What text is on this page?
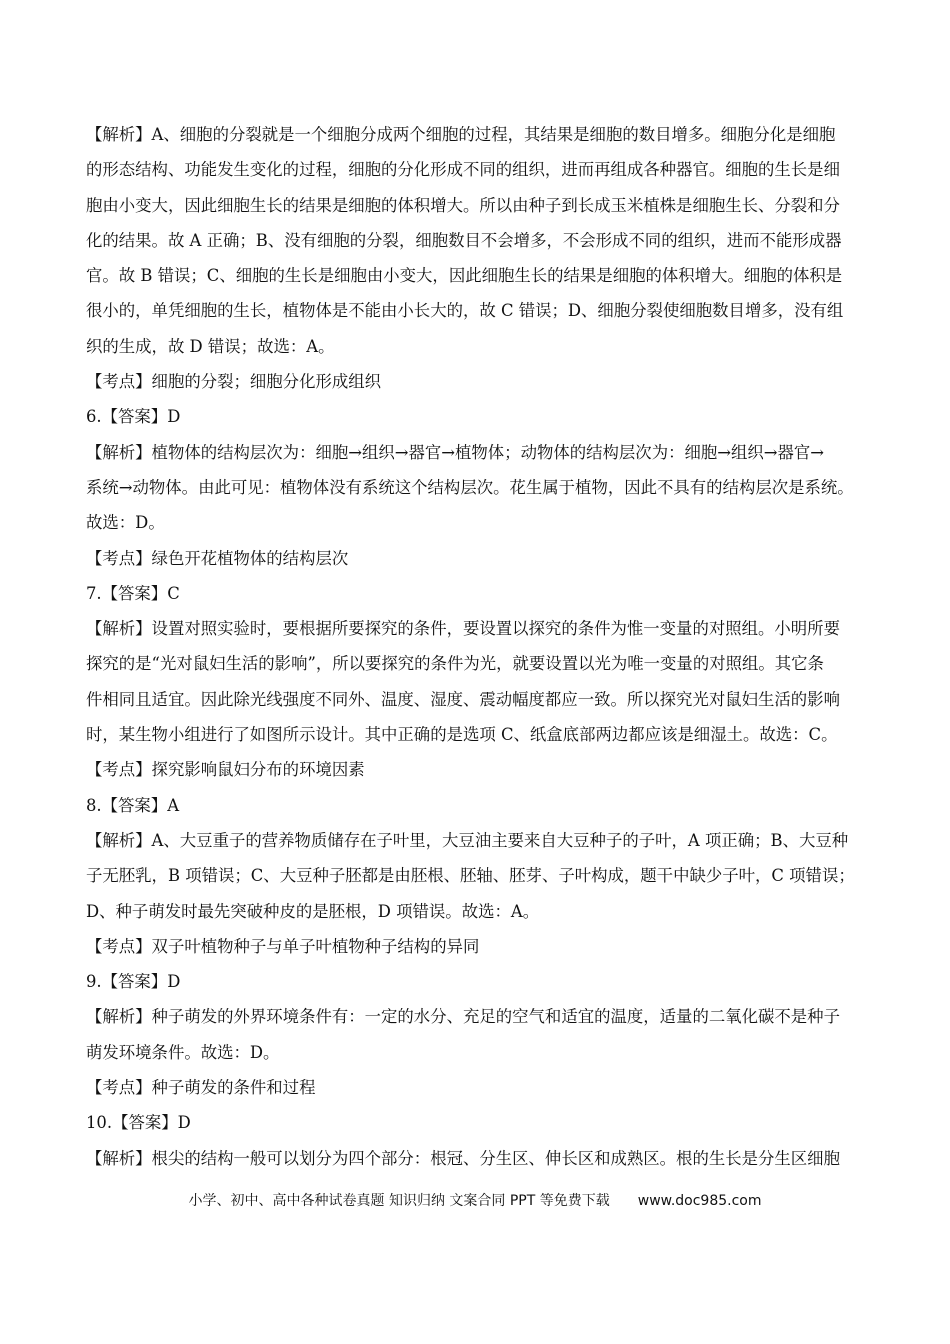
【解析】A、细胞的分裂就是一个细胞分成两个细胞的过程，其结果是细胞的数目增多。细胞分化是细胞
的形态结构、功能发生变化的过程，细胞的分化形成不同的组织，进而再组成各种器官。细胞的生长是细
胞由小变大，因此细胞生长的结果是细胞的体积增大。所以由种子到长成玉米植株是细胞生长、分裂和分
化的结果。故 A 正确；B、没有细胞的分裂，细胞数目不会增多，不会形成不同的组织，进而不能形成器
官。故 B 错误；C、细胞的生长是细胞由小变大，因此细胞生长的结果是细胞的体积增大。细胞的体积是
很小的，单凭细胞的生长，植物体是不能由小长大的，故 C 错误；D、细胞分裂使细胞数目增多，没有组
织的生成，故 D 错误；故选：A。
【考点】细胞的分裂；细胞分化形成组织
6.【答案】D
【解析】植物体的结构层次为：细胞→组织→器官→植物体；动物体的结构层次为：细胞→组织→器官→
系统→动物体。由此可见：植物体没有系统这个结构层次。花生属于植物，因此不具有的结构层次是系统。
故选：D。
【考点】绿色开花植物体的结构层次
7.【答案】C
【解析】设置对照实验时，要根据所要探究的条件，要设置以探究的条件为惟一变量的对照组。小明所要
探究的是“光对鼠妇生活的影响”，所以要探究的条件为光，就要设置以光为唯一变量的对照组。其它条
件相同且适宜。因此除光线强度不同外、温度、湿度、震动幅度都应一致。所以探究光对鼠妇生活的影响
时，某生物小组进行了如图所示设计。其中正确的是选项 C、纸盒底部两边都应该是细湿土。故选：C。
【考点】探究影响鼠妇分布的环境因素
8.【答案】A
【解析】A、大豆重子的营养物质储存在子叶里，大豆油主要来自大豆种子的子叶，A 项正确；B、大豆种
子无胚乳，B 项错误；C、大豆种子胚都是由胚根、胚轴、胚芽、子叶构成，题干中缺少子叶，C 项错误；
D、种子萌发时最先突破种皮的是胚根，D 项错误。故选：A。
【考点】双子叶植物种子与单子叶植物种子结构的异同
9.【答案】D
【解析】种子萌发的外界环境条件有：一定的水分、充足的空气和适宜的温度，适量的二氧化碳不是种子
萌发环境条件。故选：D。
【考点】种子萌发的条件和过程
10.【答案】D
【解析】根尖的结构一般可以划分为四个部分：根冠、分生区、伸长区和成熟区。根的生长是分生区细胞
小学、初中、高中各种试卷真题 知识归纳 文案合同 PPT 等免费下载 www.doc985.com
